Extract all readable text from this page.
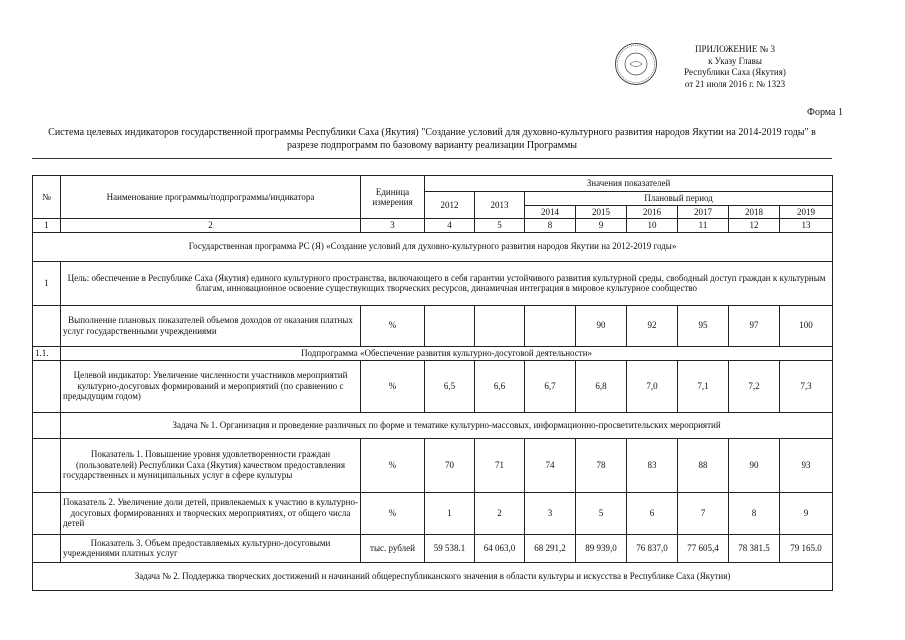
ПРИЛОЖЕНИЕ № 3
к Указу Главы
Республики Саха (Якутия)
от 21 июля 2016 г. № 1323
Форма 1
Система целевых индикаторов государственной программы Республики Саха (Якутия) "Создание условий для духовно-культурного развития народов Якутии на 2014-2019 годы" в разрезе подпрограмм по базовому варианту реализации Программы
№	Наименование программы/подпрограммы/индикатора	Единица измерения	Значения показателей							
			2012	2013	Плановый период					
					2014	2015	2016	2017	2018	2019
1	2	3	4	5	8	9	10	11	12	13
Государственная программа РС (Я) «Создание условий для духовно-культурного развития народов Якутии на 2012-2019 годы»										
1	Цель: обеспечение в Республике Саха (Якутия) единого культурного пространства, включающего в себя гарантии устойчивого развития культурной среды, свободный доступ граждан к культурным благам, инновационное освоение существующих творческих ресурсов, динамичная интеграция в мировое культурное сообщество									
	Выполнение плановых показателей объемов доходов от оказания платных услуг государственными учреждениями	%				90	92	95	97	100
1.1.	Подпрограмма «Обеспечение развития культурно-досуговой деятельности»									
	Целевой индикатор: Увеличение численности участников мероприятий культурно-досуговых формирований и мероприятий (по сравнению с предыдущим годом)	%	6,5	6,6	6,7	6,8	7,0	7,1	7,2	7,3
	Задача № 1. Организация и проведение различных по форме и тематике культурно-массовых, информационно-просветительских мероприятий									
	Показатель 1. Повышение уровня удовлетворенности граждан (пользователей) Республики Саха (Якутия) качеством предоставления государственных и муниципальных услуг в сфере культуры	%	70	71	74	78	83	88	90	93
	Показатель 2. Увеличение доли детей, привлекаемых к участию в культурно-досуговых формированиях и творческих мероприятиях, от общего числа детей	%	1	2	3	5	6	7	8	9
	Показатель 3. Объем предоставляемых культурно-досуговыми учреждениями платных услуг	тыс. рублей	59 538.1	64 063,0	68 291,2	89 939,0	76 837,0	77 605,4	78 381.5	79 165.0
Задача № 2. Поддержка творческих достижений и начинаний общереспубликанского значения в области культуры и искусства в Республике Саха (Якутия)										
